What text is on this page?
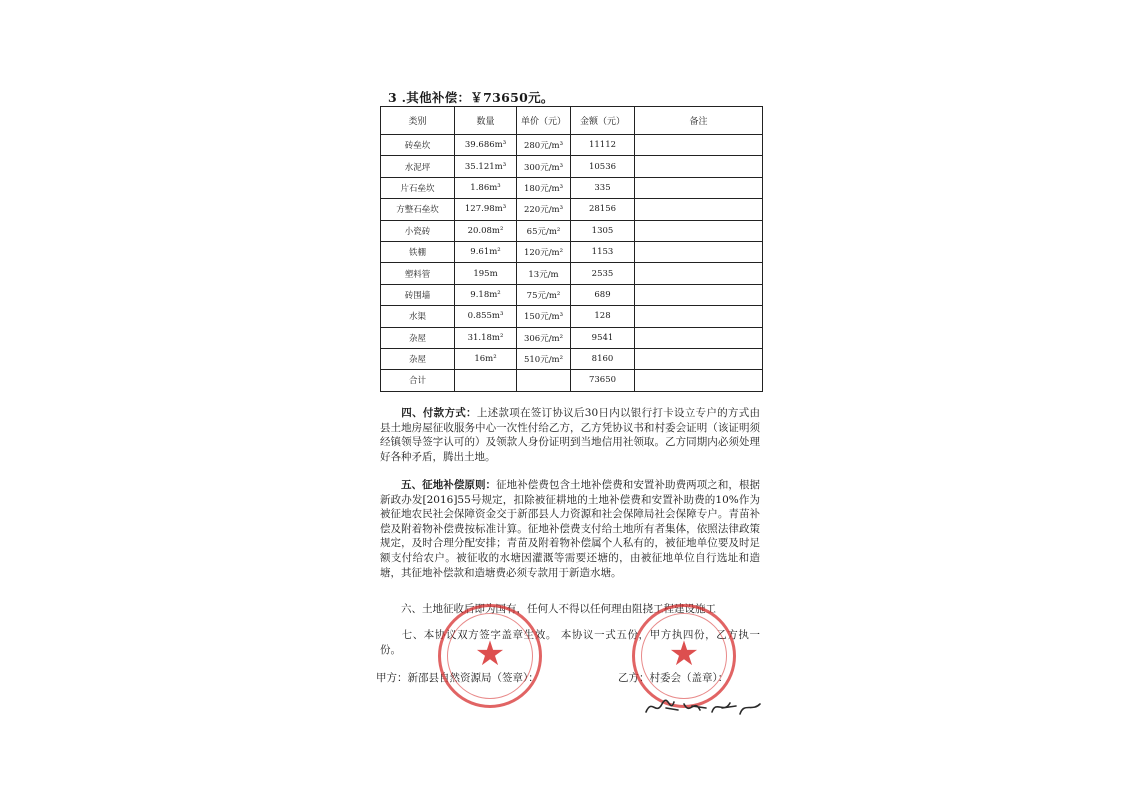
3 .其他补偿：￥73650元。
类别	数量	单价（元）	金额（元）	备注
砖垒坎	39.686m³	280元/m³	11112	
水泥坪	35.121m³	300元/m³	10536	
片石垒坎	1.86m³	180元/m³	335	
方整石垒坎	127.98m³	220元/m³	28156	
小瓷砖	20.08m²	65元/m²	1305	
铁棚	9.61m²	120元/m²	1153	
塑料管	195m	13元/m	2535	
砖围墙	9.18m²	75元/m²	689	
水渠	0.855m³	150元/m³	128	
杂屋	31.18m²	306元/m²	9541	
杂屋	16m²	510元/m²	8160	
合计			73650	
四、付款方式：上述款项在签订协议后30日内以银行打卡设立专户的方式由县土地房屋征收服务中心一次性付给乙方，乙方凭协议书和村委会证明（该证明须经镇领导签字认可的）及领款人身份证明到当地信用社领取。乙方同期内必须处理好各种矛盾，腾出土地。
五、征地补偿原则：征地补偿费包含土地补偿费和安置补助费两项之和，根据新政办发[2016]55号规定，扣除被征耕地的土地补偿费和安置补助费的10%作为被征地农民社会保障资金交于新邵县人力资源和社会保障局社会保障专户。青苗补偿及附着物补偿费按标准计算。征地补偿费支付给土地所有者集体，依照法律政策规定，及时合理分配安排；青苗及附着物补偿属个人私有的，被征地单位要及时足额支付给农户。被征收的水塘因灌溉等需要还塘的，由被征地单位自行选址和造塘，其征地补偿款和造塘费必须专款用于新造水塘。
六、土地征收后即为国有，任何人不得以任何理由阻挠工程建设施工
七、本协议双方签字盖章生效。 本协议一式五份，甲方执四份，乙方执一份。
甲方：新邵县自然资源局（签章）：	乙方：村委会（盖章）：
★	★
